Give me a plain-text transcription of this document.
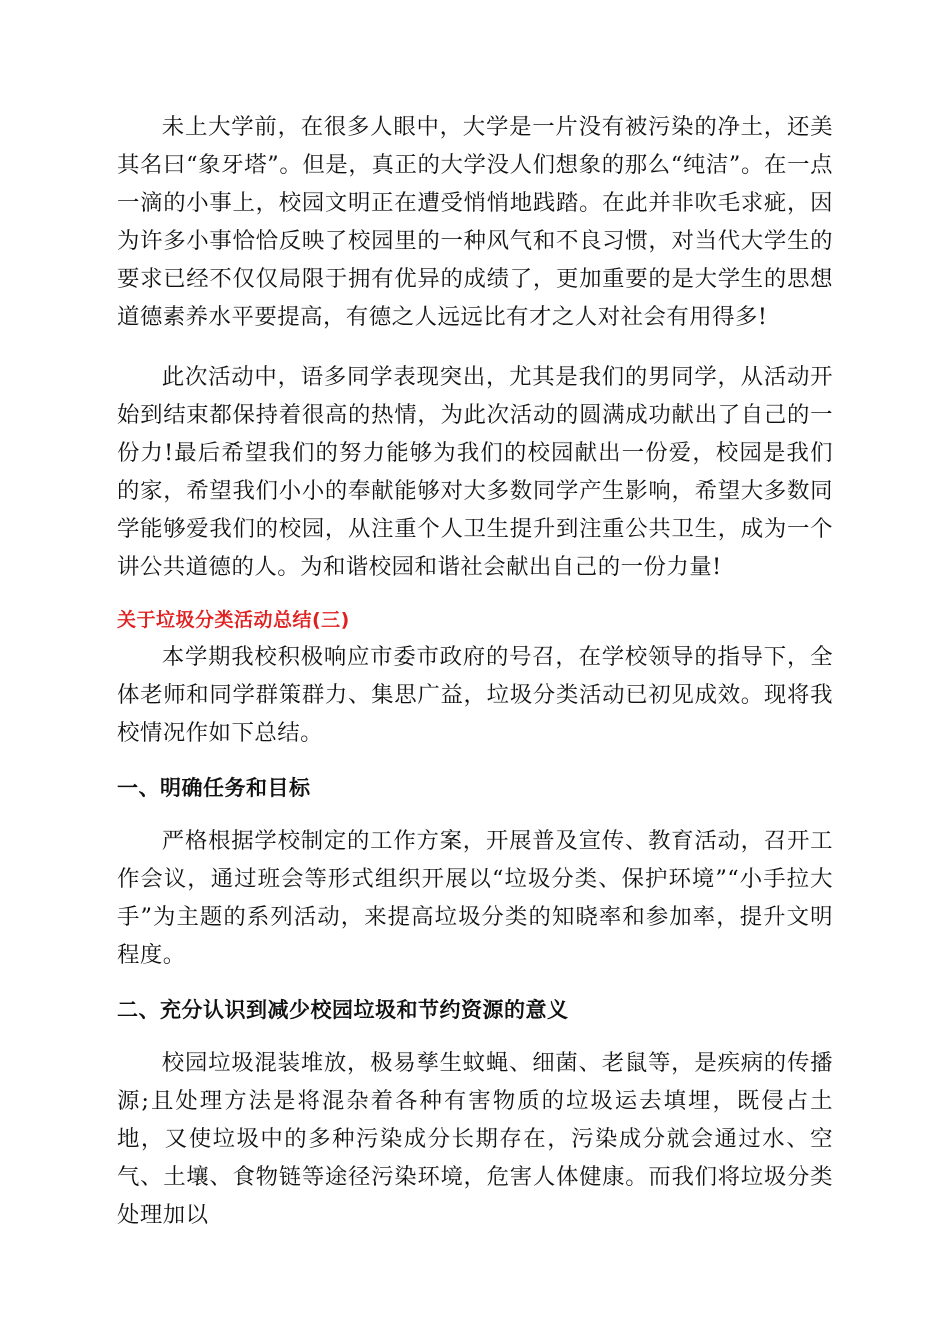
未上大学前，在很多人眼中，大学是一片没有被污染的净土，还美其名曰“象牙塔”。但是，真正的大学没人们想象的那么“纯洁”。在一点一滴的小事上，校园文明正在遭受悄悄地践踏。在此并非吹毛求疵，因为许多小事恰恰反映了校园里的一种风气和不良习惯，对当代大学生的要求已经不仅仅局限于拥有优异的成绩了，更加重要的是大学生的思想道德素养水平要提高，有德之人远远比有才之人对社会有用得多!

此次活动中，语多同学表现突出，尤其是我们的男同学，从活动开始到结束都保持着很高的热情，为此次活动的圆满成功献出了自己的一份力!最后希望我们的努力能够为我们的校园献出一份爱，校园是我们的家，希望我们小小的奉献能够对大多数同学产生影响，希望大多数同学能够爱我们的校园，从注重个人卫生提升到注重公共卫生，成为一个讲公共道德的人。为和谐校园和谐社会献出自己的一份力量!

关于垃圾分类活动总结(三)

本学期我校积极响应市委市政府的号召，在学校领导的指导下，全体老师和同学群策群力、集思广益，垃圾分类活动已初见成效。现将我校情况作如下总结。

一、明确任务和目标

严格根据学校制定的工作方案，开展普及宣传、教育活动，召开工作会议，通过班会等形式组织开展以“垃圾分类、保护环境”“小手拉大手”为主题的系列活动，来提高垃圾分类的知晓率和参加率，提升文明程度。

二、充分认识到减少校园垃圾和节约资源的意义

校园垃圾混装堆放，极易孳生蚊蝇、细菌、老鼠等，是疾病的传播源;且处理方法是将混杂着各种有害物质的垃圾运去填埋，既侵占土地，又使垃圾中的多种污染成分长期存在，污染成分就会通过水、空气、土壤、食物链等途径污染环境，危害人体健康。而我们将垃圾分类处理加以
